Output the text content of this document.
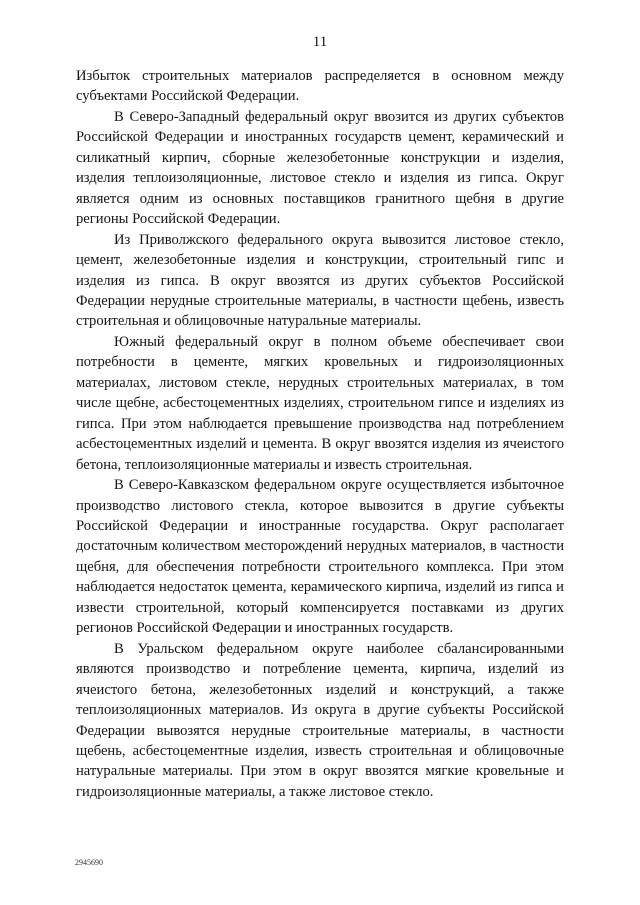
11

Избыток строительных материалов распределяется в основном между субъектами Российской Федерации.

В Северо-Западный федеральный округ ввозится из других субъектов Российской Федерации и иностранных государств цемент, керамический и силикатный кирпич, сборные железобетонные конструкции и изделия, изделия теплоизоляционные, листовое стекло и изделия из гипса. Округ является одним из основных поставщиков гранитного щебня в другие регионы Российской Федерации.

Из Приволжского федерального округа вывозится листовое стекло, цемент, железобетонные изделия и конструкции, строительный гипс и изделия из гипса. В округ ввозятся из других субъектов Российской Федерации нерудные строительные материалы, в частности щебень, известь строительная и облицовочные натуральные материалы.

Южный федеральный округ в полном объеме обеспечивает свои потребности в цементе, мягких кровельных и гидроизоляционных материалах, листовом стекле, нерудных строительных материалах, в том числе щебне, асбестоцементных изделиях, строительном гипсе и изделиях из гипса. При этом наблюдается превышение производства над потреблением асбестоцементных изделий и цемента. В округ ввозятся изделия из ячеистого бетона, теплоизоляционные материалы и известь строительная.

В Северо-Кавказском федеральном округе осуществляется избыточное производство листового стекла, которое вывозится в другие субъекты Российской Федерации и иностранные государства. Округ располагает достаточным количеством месторождений нерудных материалов, в частности щебня, для обеспечения потребности строительного комплекса. При этом наблюдается недостаток цемента, керамического кирпича, изделий из гипса и извести строительной, который компенсируется поставками из других регионов Российской Федерации и иностранных государств.

В Уральском федеральном округе наиболее сбалансированными являются производство и потребление цемента, кирпича, изделий из ячеистого бетона, железобетонных изделий и конструкций, а также теплоизоляционных материалов. Из округа в другие субъекты Российской Федерации вывозятся нерудные строительные материалы, в частности щебень, асбестоцементные изделия, известь строительная и облицовочные натуральные материалы. При этом в округ ввозятся мягкие кровельные и гидроизоляционные материалы, а также листовое стекло.

2945690
